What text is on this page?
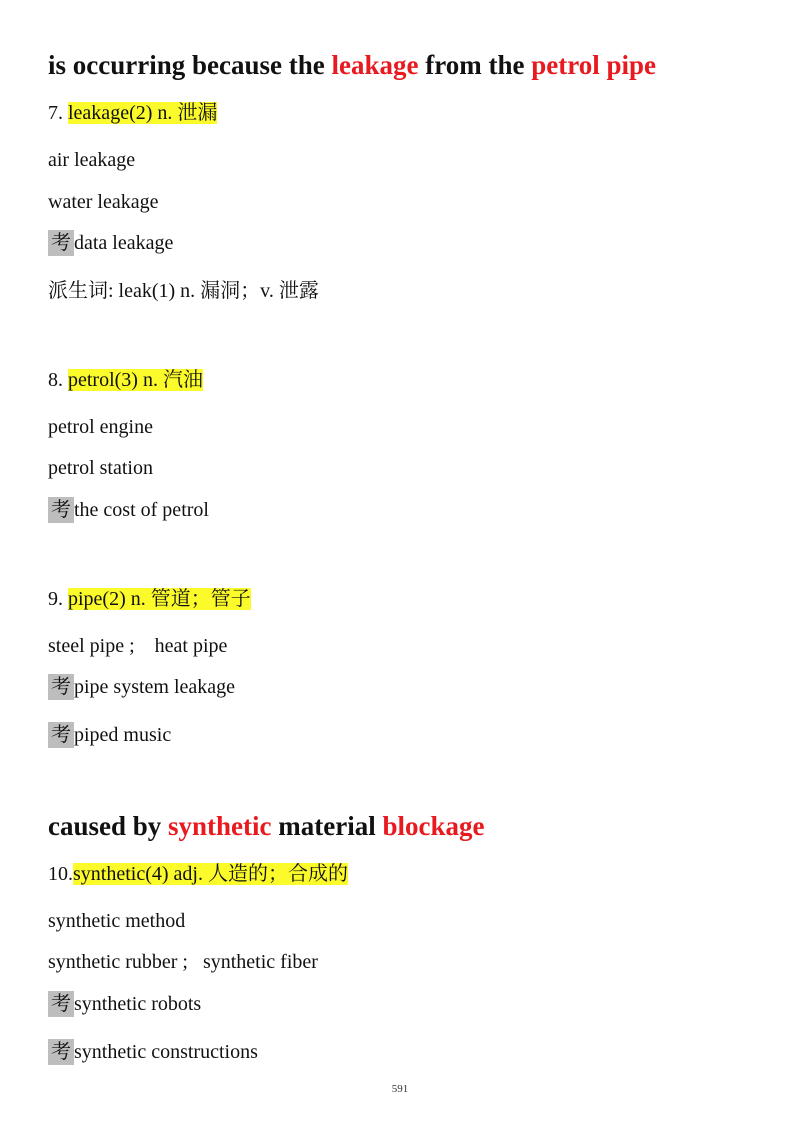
is occurring because the leakage from the petrol pipe
7. leakage(2) n. 泄漏
air leakage
water leakage
考 data leakage
派生词: leak(1) n. 漏洞；v. 泄露
8. petrol(3) n. 汽油
petrol engine
petrol station
考 the cost of petrol
9. pipe(2) n. 管道；管子
steel pipe ;    heat pipe
考 pipe system leakage
考 piped music
caused by synthetic material blockage
10.synthetic(4) adj. 人造的；合成的
synthetic method
synthetic rubber ;   synthetic fiber
考 synthetic robots
考 synthetic constructions
591
